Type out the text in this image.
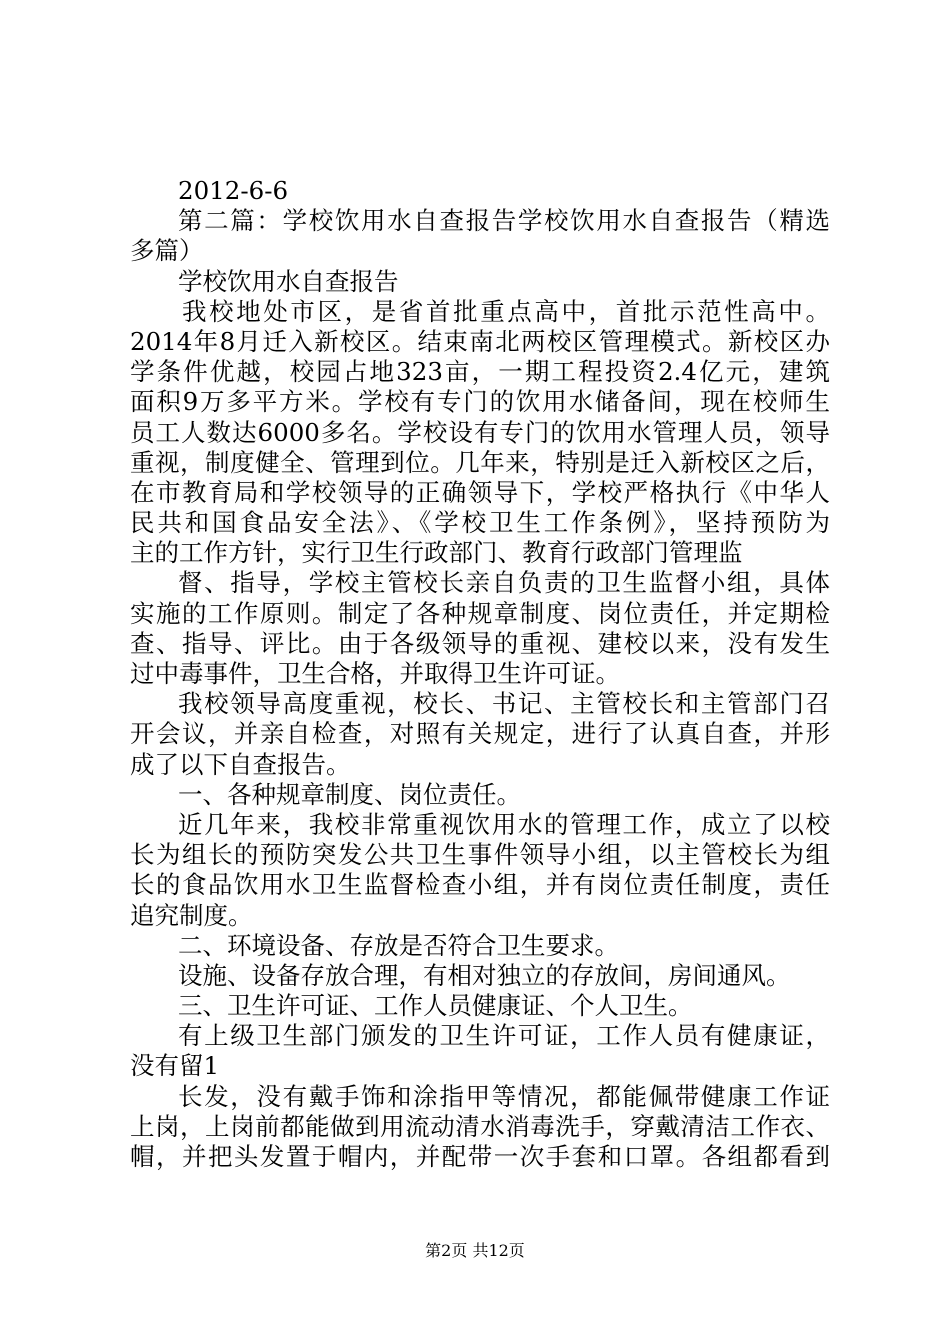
2012-6-6
第二篇：学校饮用水自查报告学校饮用水自查报告（精选
多篇）
学校饮用水自查报告
我校地处市区，是省首批重点高中，首批示范性高中。
2014年8月迁入新校区。结束南北两校区管理模式。新校区办
学条件优越，校园占地323亩，一期工程投资2.4亿元，建筑
面积9万多平方米。学校有专门的饮用水储备间，现在校师生
员工人数达6000多名。学校设有专门的饮用水管理人员，领导
重视，制度健全、管理到位。几年来，特别是迁入新校区之后，
在市教育局和学校领导的正确领导下，学校严格执行《中华人
民共和国食品安全法》、《学校卫生工作条例》，坚持预防为
主的工作方针，实行卫生行政部门、教育行政部门管理监
督、指导，学校主管校长亲自负责的卫生监督小组，具体
实施的工作原则。制定了各种规章制度、岗位责任，并定期检
查、指导、评比。由于各级领导的重视、建校以来，没有发生
过中毒事件，卫生合格，并取得卫生许可证。
我校领导高度重视，校长、书记、主管校长和主管部门召
开会议，并亲自检查，对照有关规定，进行了认真自查，并形
成了以下自查报告。
一、各种规章制度、岗位责任。
近几年来，我校非常重视饮用水的管理工作，成立了以校
长为组长的预防突发公共卫生事件领导小组，以主管校长为组
长的食品饮用水卫生监督检查小组，并有岗位责任制度，责任
追究制度。
二、环境设备、存放是否符合卫生要求。
设施、设备存放合理，有相对独立的存放间，房间通风。
三、卫生许可证、工作人员健康证、个人卫生。
有上级卫生部门颁发的卫生许可证，工作人员有健康证，
没有留1
长发，没有戴手饰和涂指甲等情况，都能佩带健康工作证
上岗，上岗前都能做到用流动清水消毒洗手，穿戴清洁工作衣、
帽，并把头发置于帽内，并配带一次手套和口罩。各组都看到
第2页 共12页
